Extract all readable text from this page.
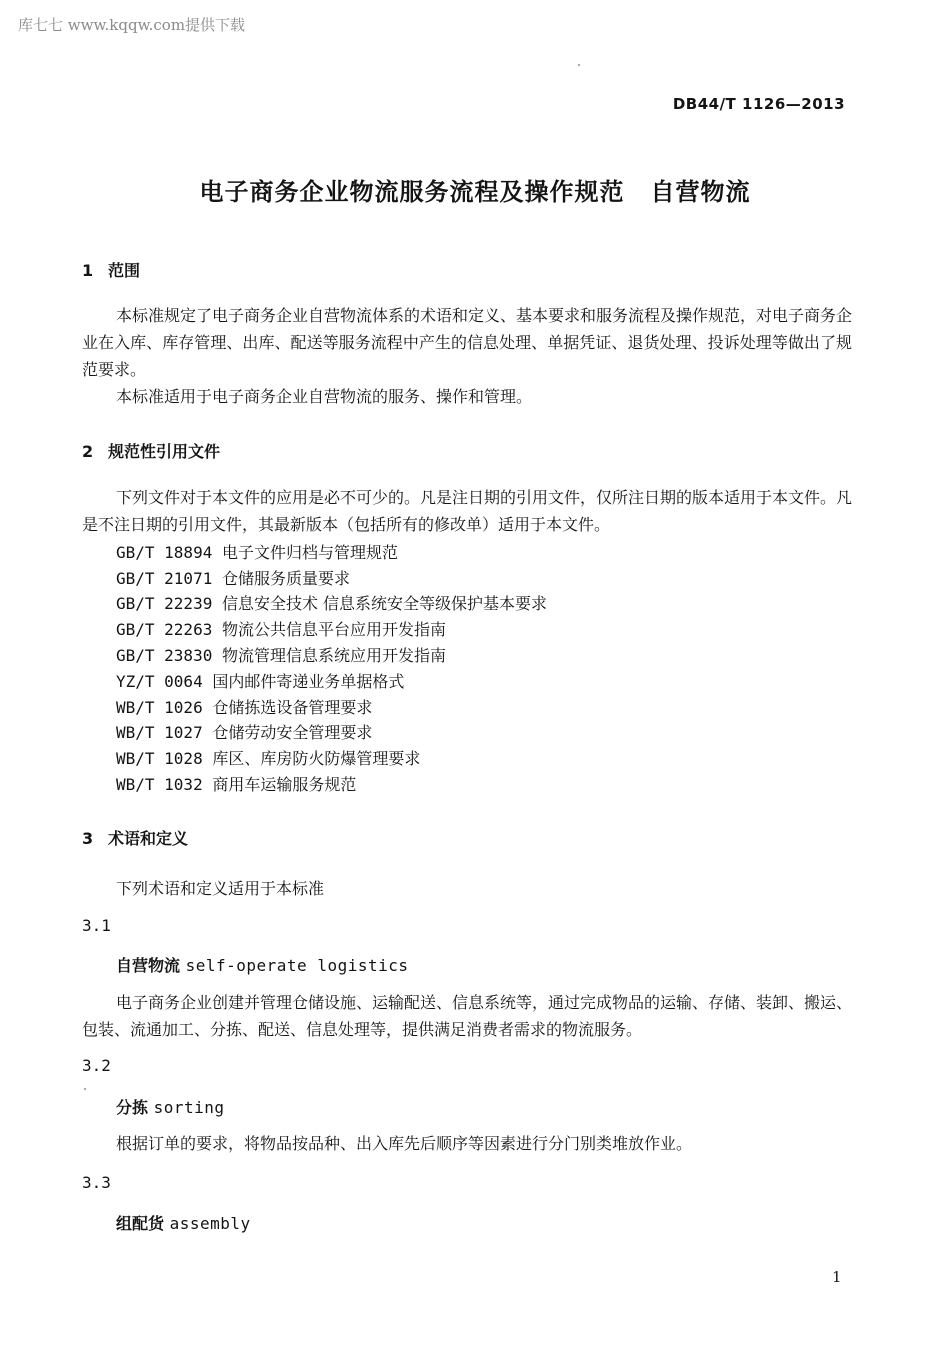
库七七 www.kqqw.com提供下载
DB44/T 1126—2013
电子商务企业物流服务流程及操作规范 自营物流
1 范围
本标准规定了电子商务企业自营物流体系的术语和定义、基本要求和服务流程及操作规范，对电子商务企业在入库、库存管理、出库、配送等服务流程中产生的信息处理、单据凭证、退货处理、投诉处理等做出了规范要求。
本标准适用于电子商务企业自营物流的服务、操作和管理。
2 规范性引用文件
下列文件对于本文件的应用是必不可少的。凡是注日期的引用文件，仅所注日期的版本适用于本文件。凡是不注日期的引用文件，其最新版本（包括所有的修改单）适用于本文件。
GB/T 18894 电子文件归档与管理规范
GB/T 21071 仓储服务质量要求
GB/T 22239 信息安全技术 信息系统安全等级保护基本要求
GB/T 22263 物流公共信息平台应用开发指南
GB/T 23830 物流管理信息系统应用开发指南
YZ/T 0064 国内邮件寄递业务单据格式
WB/T 1026 仓储拣选设备管理要求
WB/T 1027 仓储劳动安全管理要求
WB/T 1028 库区、库房防火防爆管理要求
WB/T 1032 商用车运输服务规范
3 术语和定义
下列术语和定义适用于本标准
3.1
自营物流 self-operate logistics
电子商务企业创建并管理仓储设施、运输配送、信息系统等，通过完成物品的运输、存储、装卸、搬运、包装、流通加工、分拣、配送、信息处理等，提供满足消费者需求的物流服务。
3.2
分拣 sorting
根据订单的要求，将物品按品种、出入库先后顺序等因素进行分门别类堆放作业。
3.3
组配货 assembly
1
